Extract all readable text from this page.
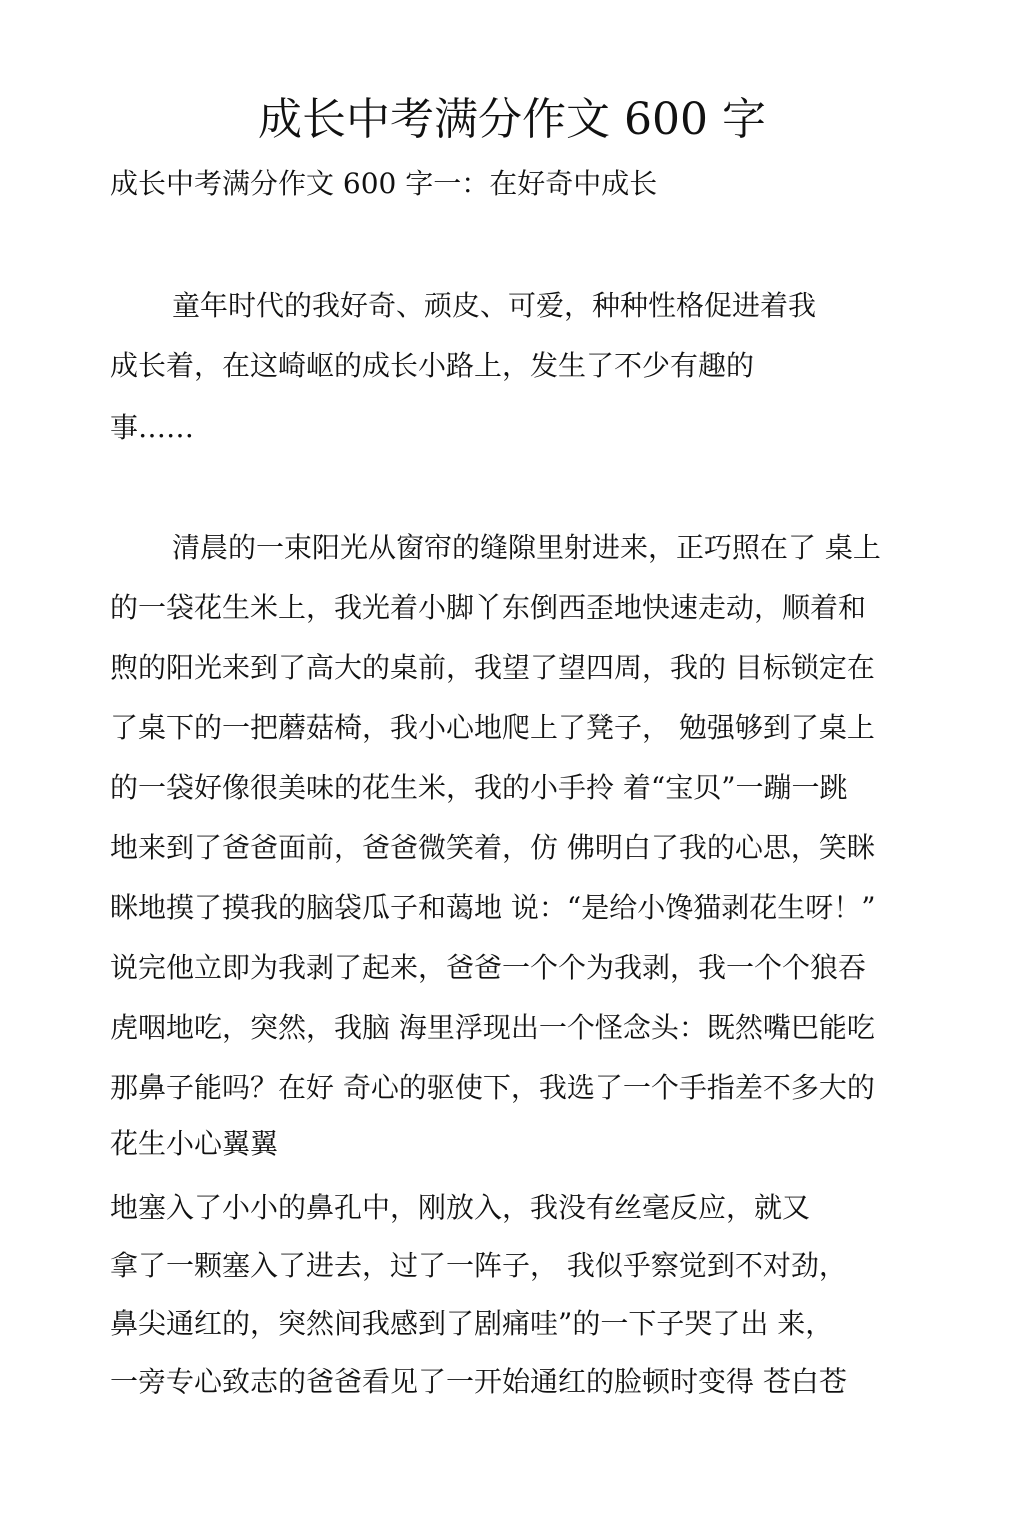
成长中考满分作文 600 字

成长中考满分作文 600 字一：在好奇中成长

童年时代的我好奇、顽皮、可爱，种种性格促进着我

成长着，在这崎岖的成长小路上，发生了不少有趣的

事……

清晨的一束阳光从窗帘的缝隙里射进来，正巧照在了 桌上

的一袋花生米上，我光着小脚丫东倒西歪地快速走动，顺着和

煦的阳光来到了高大的桌前，我望了望四周，我的 目标锁定在

了桌下的一把蘑菇椅，我小心地爬上了凳子， 勉强够到了桌上

的一袋好像很美味的花生米，我的小手拎 着“宝贝”一蹦一跳

地来到了爸爸面前，爸爸微笑着，仿 佛明白了我的心思，笑眯

眯地摸了摸我的脑袋瓜子和蔼地 说：“是给小馋猫剥花生呀！”

说完他立即为我剥了起来，爸爸一个个为我剥，我一个个狼吞

虎咽地吃，突然，我脑 海里浮现出一个怪念头：既然嘴巴能吃

那鼻子能吗？在好 奇心的驱使下，我选了一个手指差不多大的

花生小心翼翼

地塞入了小小的鼻孔中，刚放入，我没有丝毫反应，就又

拿了一颗塞入了进去，过了一阵子， 我似乎察觉到不对劲，

鼻尖通红的，突然间我感到了剧痛哇”的一下子哭了出 来，

一旁专心致志的爸爸看见了一开始通红的脸顿时变得 苍白苍
